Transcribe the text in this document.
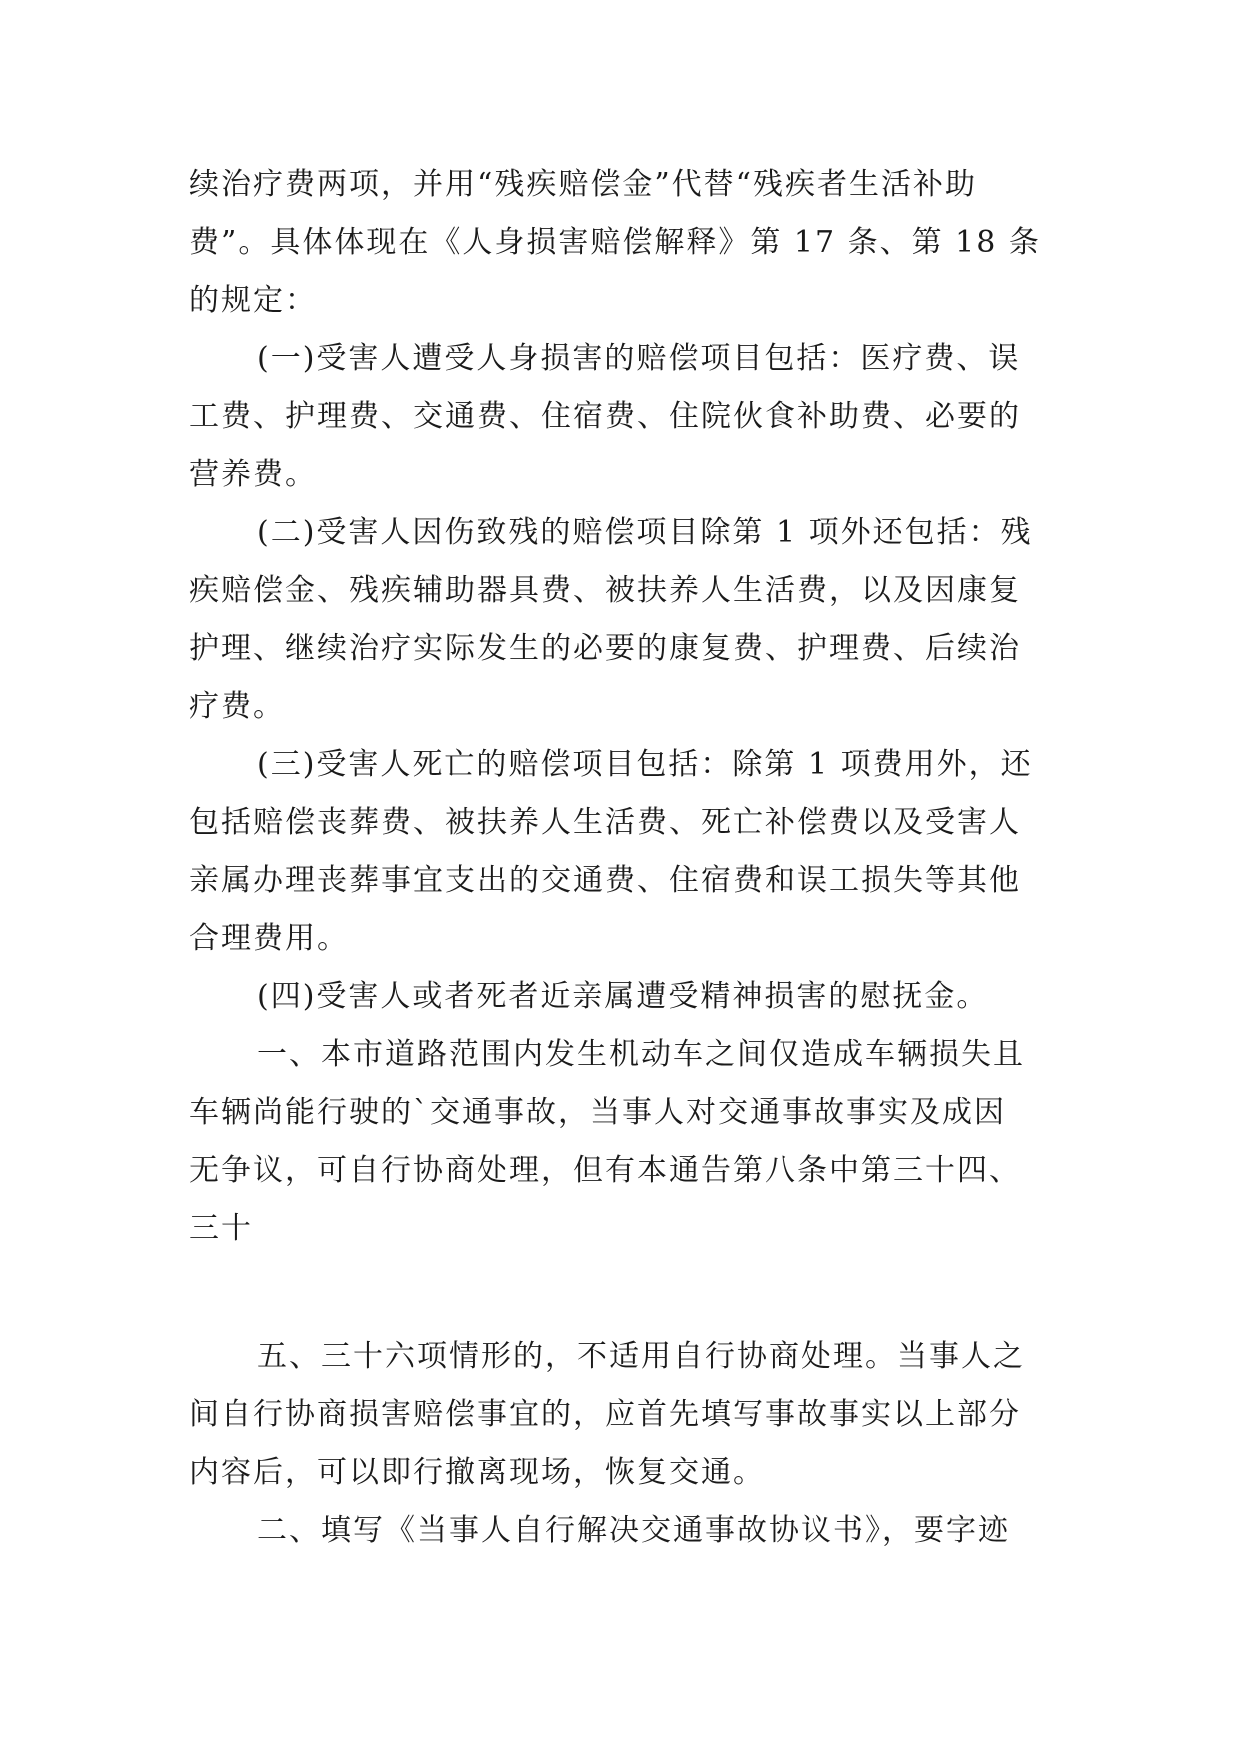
续治疗费两项，并用“残疾赔偿金”代替“残疾者生活补助
费”。具体体现在《人身损害赔偿解释》第 17 条、第 18 条
的规定：
(一)受害人遭受人身损害的赔偿项目包括：医疗费、误
工费、护理费、交通费、住宿费、住院伙食补助费、必要的
营养费。
(二)受害人因伤致残的赔偿项目除第 1 项外还包括：残
疾赔偿金、残疾辅助器具费、被扶养人生活费，以及因康复
护理、继续治疗实际发生的必要的康复费、护理费、后续治
疗费。
(三)受害人死亡的赔偿项目包括：除第 1 项费用外，还
包括赔偿丧葬费、被扶养人生活费、死亡补偿费以及受害人
亲属办理丧葬事宜支出的交通费、住宿费和误工损失等其他
合理费用。
(四)受害人或者死者近亲属遭受精神损害的慰抚金。
一、本市道路范围内发生机动车之间仅造成车辆损失且
车辆尚能行驶的`交通事故，当事人对交通事故事实及成因
无争议，可自行协商处理，但有本通告第八条中第三十四、
三十
五、三十六项情形的，不适用自行协商处理。当事人之
间自行协商损害赔偿事宜的，应首先填写事故事实以上部分
内容后，可以即行撤离现场，恢复交通。
二、填写《当事人自行解决交通事故协议书》，要字迹
